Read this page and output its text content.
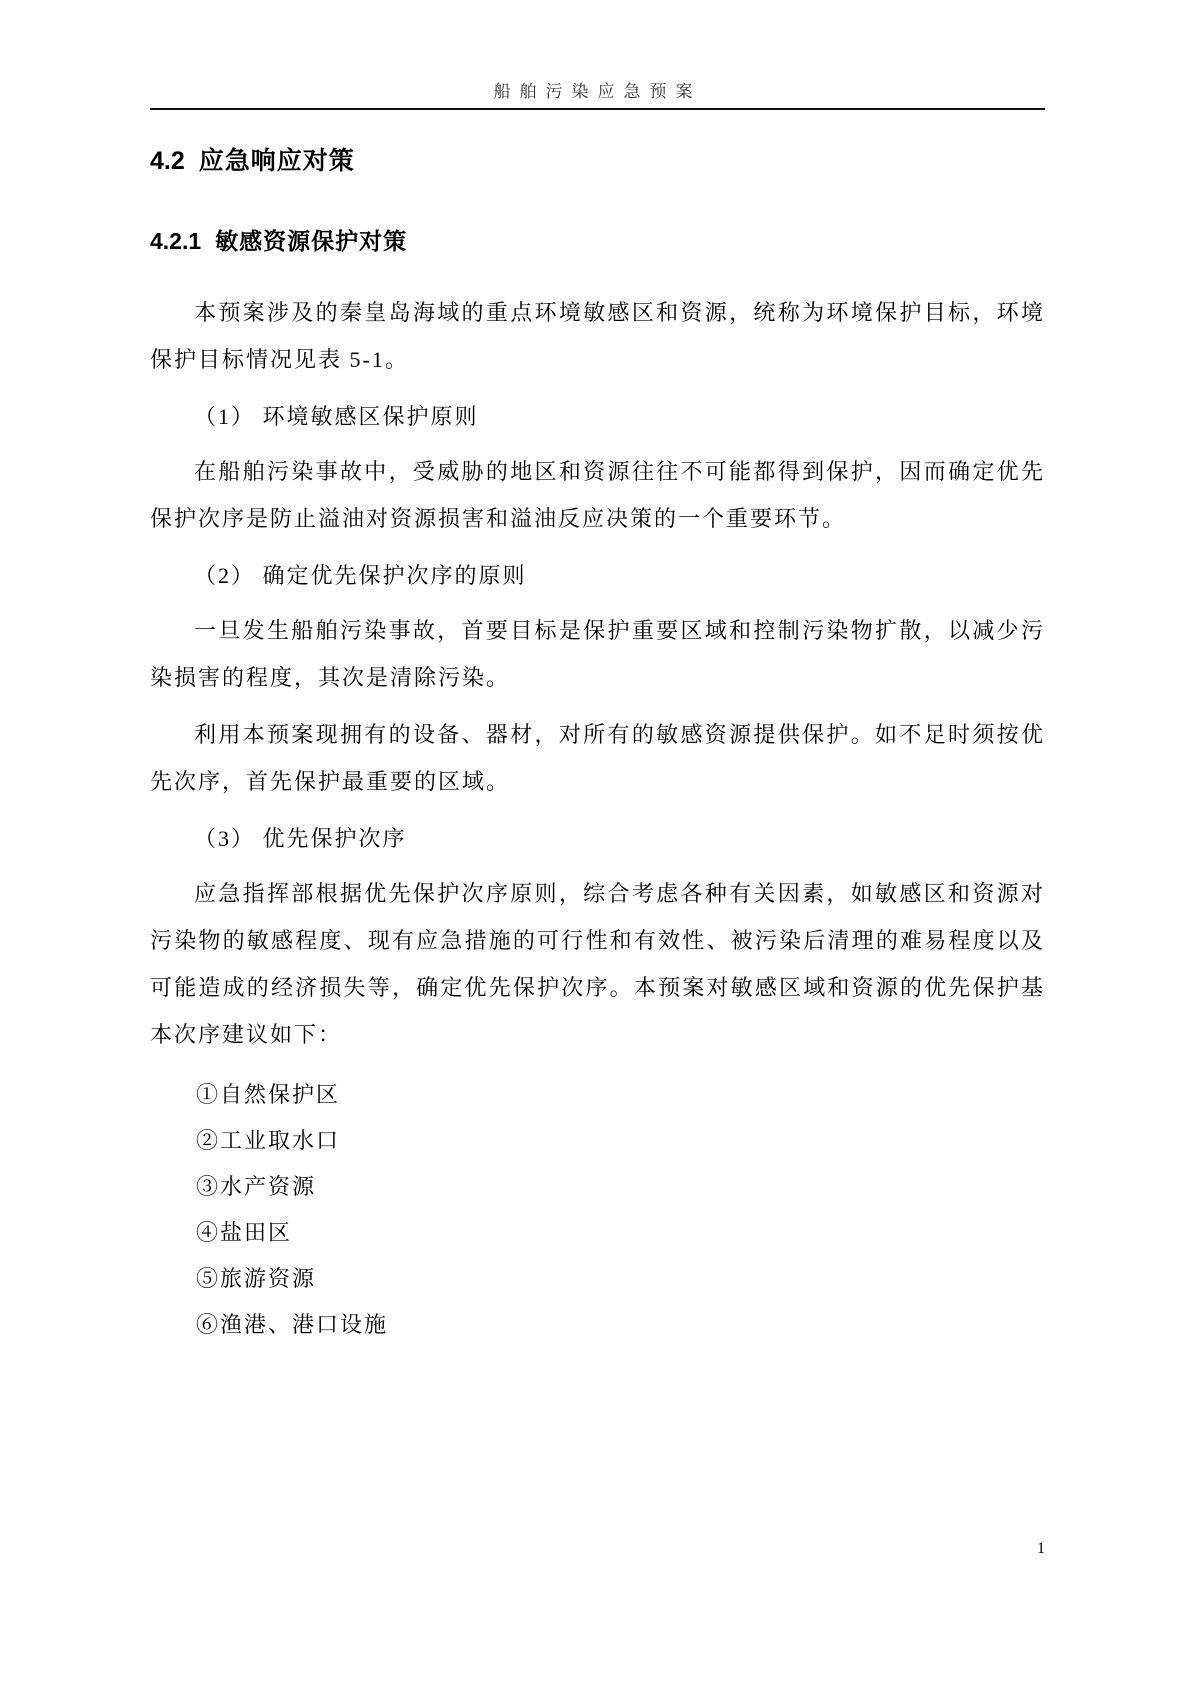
船舶污染应急预案
4.2 应急响应对策
4.2.1 敏感资源保护对策

本预案涉及的秦皇岛海域的重点环境敏感区和资源，统称为环境保护目标，环境保护目标情况见表 5-1。

（1） 环境敏感区保护原则

在船舶污染事故中，受威胁的地区和资源往往不可能都得到保护，因而确定优先保护次序是防止溢油对资源损害和溢油反应决策的一个重要环节。

（2） 确定优先保护次序的原则

一旦发生船舶污染事故，首要目标是保护重要区域和控制污染物扩散，以减少污染损害的程度，其次是清除污染。

利用本预案现拥有的设备、器材，对所有的敏感资源提供保护。如不足时须按优先次序，首先保护最重要的区域。

（3） 优先保护次序

应急指挥部根据优先保护次序原则，综合考虑各种有关因素，如敏感区和资源对污染物的敏感程度、现有应急措施的可行性和有效性、被污染后清理的难易程度以及可能造成的经济损失等，确定优先保护次序。本预案对敏感区域和资源的优先保护基本次序建议如下：

①自然保护区
②工业取水口
③水产资源
④盐田区
⑤旅游资源
⑥渔港、港口设施
1
